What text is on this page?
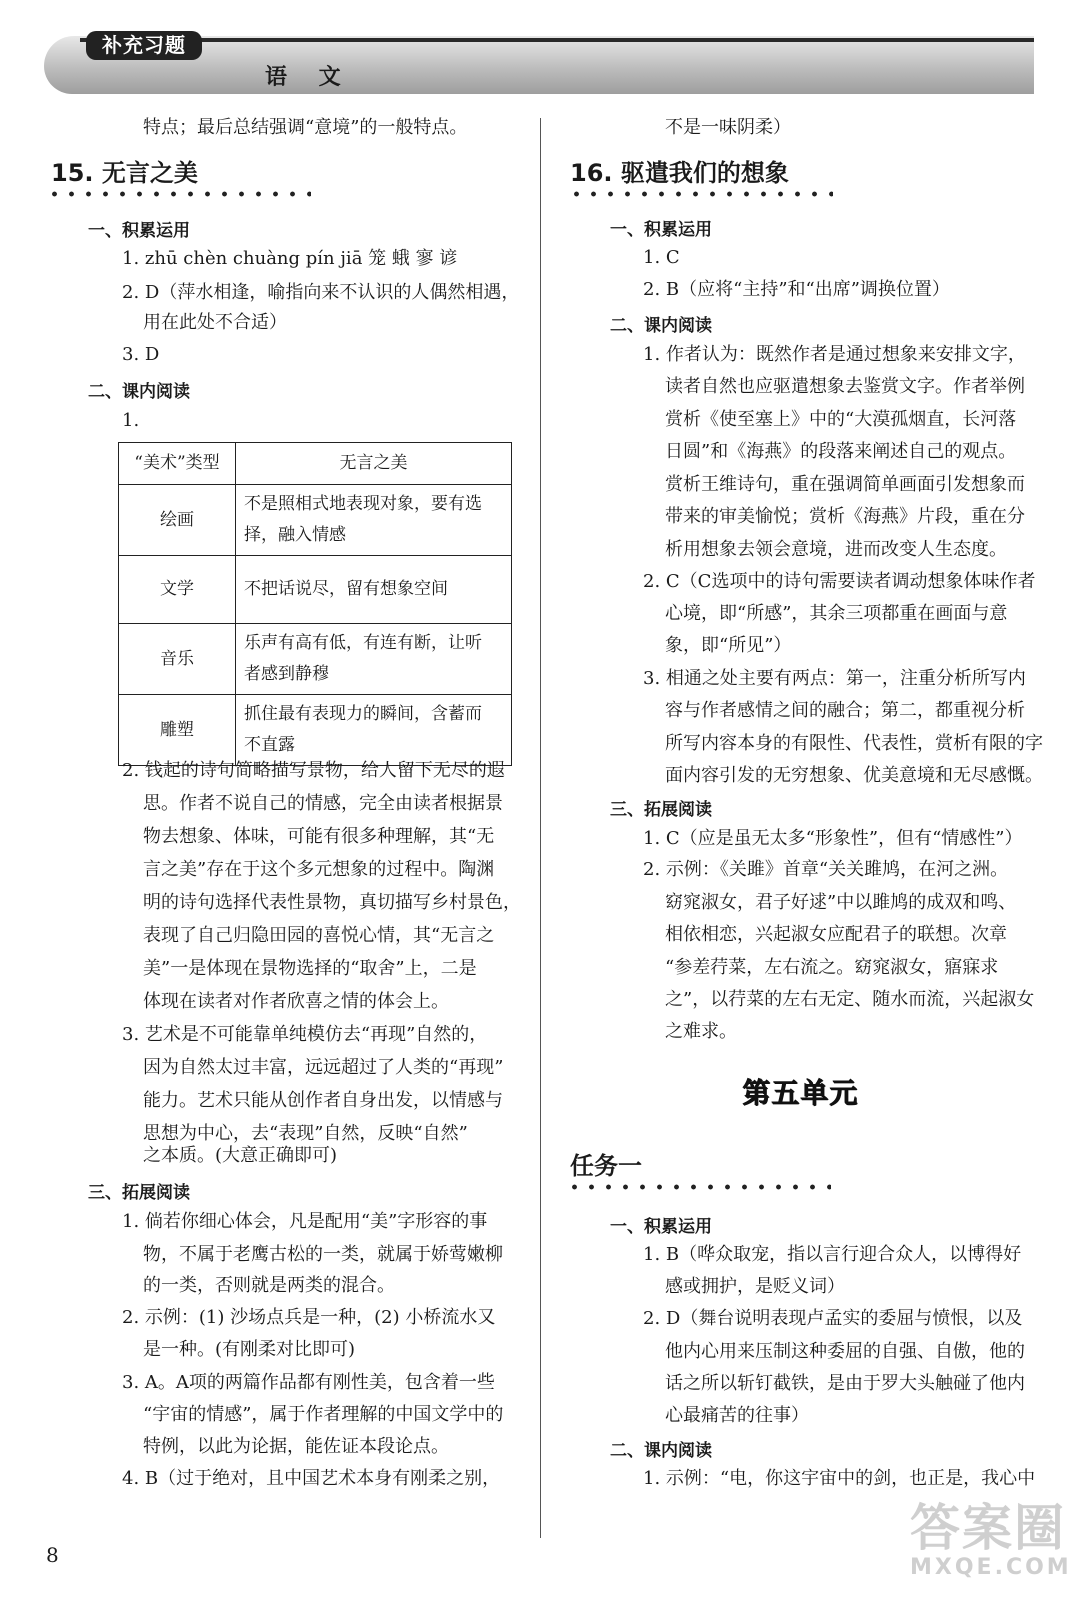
补充习题
语 文
特点；最后总结强调“意境”的一般特点。
15. 无言之美
一、积累运用
1. zhū chèn chuàng pín jiā 笼 蛾 寥 谚
2. D（萍水相逢，喻指向来不认识的人偶然相遇，
用在此处不合适）
3. D
二、课内阅读
1.
“美术”类型	无言之美
绘画	不是照相式地表现对象，要有选
择，融入情感

文学	不把话说尽，留有想象空间

音乐	乐声有高有低，有连有断，让听
者感到静穆

雕塑	抓住最有表现力的瞬间，含蓄而
不直露
2. 钱起的诗句简略描写景物，给人留下无尽的遐
思。作者不说自己的情感，完全由读者根据景
物去想象、体味，可能有很多种理解，其“无
言之美”存在于这个多元想象的过程中。陶渊
明的诗句选择代表性景物，真切描写乡村景色，
表现了自己归隐田园的喜悦心情，其“无言之
美”一是体现在景物选择的“取舍”上，二是
体现在读者对作者欣喜之情的体会上。
3. 艺术是不可能靠单纯模仿去“再现”自然的，
因为自然太过丰富，远远超过了人类的“再现”
能力。艺术只能从创作者自身出发，以情感与
思想为中心，去“表现”自然，反映“自然”
之本质。(大意正确即可)
三、拓展阅读
1. 倘若你细心体会，凡是配用“美”字形容的事
物，不属于老鹰古松的一类，就属于娇莺嫩柳
的一类，否则就是两类的混合。
2. 示例：(1) 沙场点兵是一种，(2) 小桥流水又
是一种。(有刚柔对比即可)
3. A。A项的两篇作品都有刚性美，包含着一些
“宇宙的情感”，属于作者理解的中国文学中的
特例，以此为论据，能佐证本段论点。
4. B（过于绝对，且中国艺术本身有刚柔之别，
不是一味阴柔）
16. 驱遣我们的想象
一、积累运用
1. C
2. B（应将“主持”和“出席”调换位置）
二、课内阅读
1. 作者认为：既然作者是通过想象来安排文字，
读者自然也应驱遣想象去鉴赏文字。作者举例
赏析《使至塞上》中的“大漠孤烟直，长河落
日圆”和《海燕》的段落来阐述自己的观点。
赏析王维诗句，重在强调简单画面引发想象而
带来的审美愉悦；赏析《海燕》片段，重在分
析用想象去领会意境，进而改变人生态度。
2. C（C选项中的诗句需要读者调动想象体味作者
心境，即“所感”，其余三项都重在画面与意
象，即“所见”）
3. 相通之处主要有两点：第一，注重分析所写内
容与作者感情之间的融合；第二，都重视分析
所写内容本身的有限性、代表性，赏析有限的字
面内容引发的无穷想象、优美意境和无尽感慨。
三、拓展阅读
1. C（应是虽无太多“形象性”，但有“情感性”）
2. 示例：《关雎》首章“关关雎鸠，在河之洲。
窈窕淑女，君子好逑”中以雎鸠的成双和鸣、
相依相恋，兴起淑女应配君子的联想。次章
“参差荇菜，左右流之。窈窕淑女，寤寐求
之”，以荇菜的左右无定、随水而流，兴起淑女
之难求。
第五单元
任务一
一、积累运用
1. B（哗众取宠，指以言行迎合众人，以博得好
感或拥护，是贬义词）
2. D（舞台说明表现卢孟实的委屈与愤恨，以及
他内心用来压制这种委屈的自强、自傲，他的
话之所以斩钉截铁，是由于罗大头触碰了他内
心最痛苦的往事）
二、课内阅读
1. 示例：“电，你这宇宙中的剑，也正是，我心中
8	答案圈
MXQE.COM
